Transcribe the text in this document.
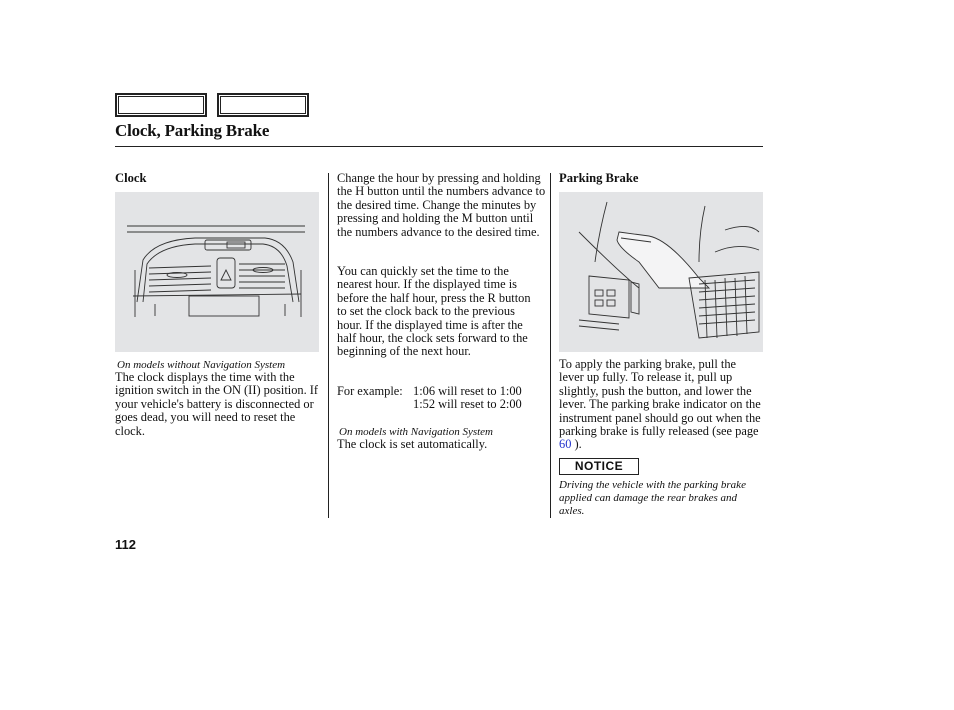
Clock, Parking Brake
Clock
On models without Navigation System
The clock displays the time with the ignition switch in the ON (II) position. If your vehicle's battery is disconnected or goes dead, you will need to reset the clock.
Change the hour by pressing and holding the H button until the numbers advance to the desired time. Change the minutes by pressing and holding the M button until the numbers advance to the desired time.
You can quickly set the time to the nearest hour. If the displayed time is before the half hour, press the R button to set the clock back to the previous hour. If the displayed time is after the half hour, the clock sets forward to the beginning of the next hour.
For example: 1:06 will reset to 1:00
1:52 will reset to 2:00
On models with Navigation System
The clock is set automatically.
Parking Brake
To apply the parking brake, pull the lever up fully. To release it, pull up slightly, push the button, and lower the lever. The parking brake indicator on the instrument panel should go out when the parking brake is fully released (see page 60 ).
NOTICE
Driving the vehicle with the parking brake applied can damage the rear brakes and axles.
112
